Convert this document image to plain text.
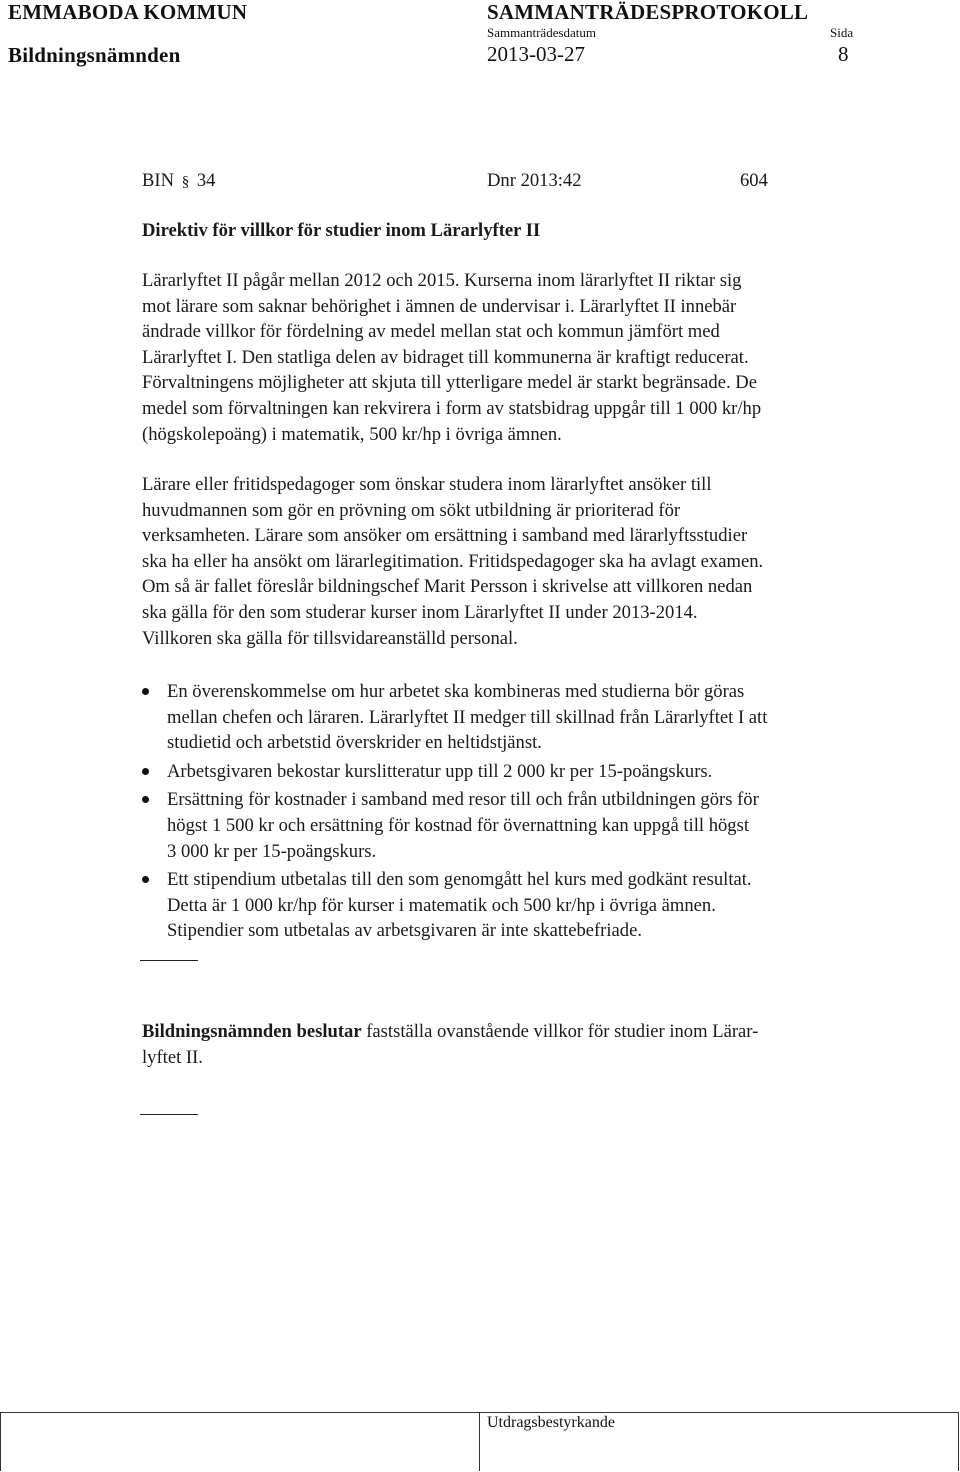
EMMABODA KOMMUN	SAMMANTRÄDESPROTOKOLL
Sammanträdesdatum	Sida
Bildningsnämnden	2013-03-27	8
BIN § 34	Dnr 2013:42	604
Direktiv för villkor för studier inom Lärarlyfter II
Lärarlyftet II pågår mellan 2012 och 2015. Kurserna inom lärarlyftet II riktar sig
mot lärare som saknar behörighet i ämnen de undervisar i. Lärarlyftet II innebär
ändrade villkor för fördelning av medel mellan stat och kommun jämfört med
Lärarlyftet I. Den statliga delen av bidraget till kommunerna är kraftigt reducerat.
Förvaltningens möjligheter att skjuta till ytterligare medel är starkt begränsade. De
medel som förvaltningen kan rekvirera i form av statsbidrag uppgår till 1 000 kr/hp
(högskolepoäng) i matematik, 500 kr/hp i övriga ämnen.
Lärare eller fritidspedagoger som önskar studera inom lärarlyftet ansöker till
huvudmannen som gör en prövning om sökt utbildning är prioriterad för
verksamheten. Lärare som ansöker om ersättning i samband med lärarlyftsstudier
ska ha eller ha ansökt om lärarlegitimation. Fritidspedagoger ska ha avlagt examen.
Om så är fallet föreslår bildningschef Marit Persson i skrivelse att villkoren nedan
ska gälla för den som studerar kurser inom Lärarlyftet II under 2013-2014.
Villkoren ska gälla för tillsvidareanställd personal.
En överenskommelse om hur arbetet ska kombineras med studierna bör göras
mellan chefen och läraren. Lärarlyftet II medger till skillnad från Lärarlyftet I att
studietid och arbetstid överskrider en heltidstjänst.
Arbetsgivaren bekostar kurslitteratur upp till 2 000 kr per 15-poängskurs.
Ersättning för kostnader i samband med resor till och från utbildningen görs för
högst 1 500 kr och ersättning för kostnad för övernattning kan uppgå till högst
3 000 kr per 15-poängskurs.
Ett stipendium utbetalas till den som genomgått hel kurs med godkänt resultat.
Detta är 1 000 kr/hp för kurser i matematik och 500 kr/hp i övriga ämnen.
Stipendier som utbetalas av arbetsgivaren är inte skattebefriade.
Bildningsnämnden beslutar fastställa ovanstående villkor för studier inom Lärar-
lyftet II.
Utdragsbestyrkande
